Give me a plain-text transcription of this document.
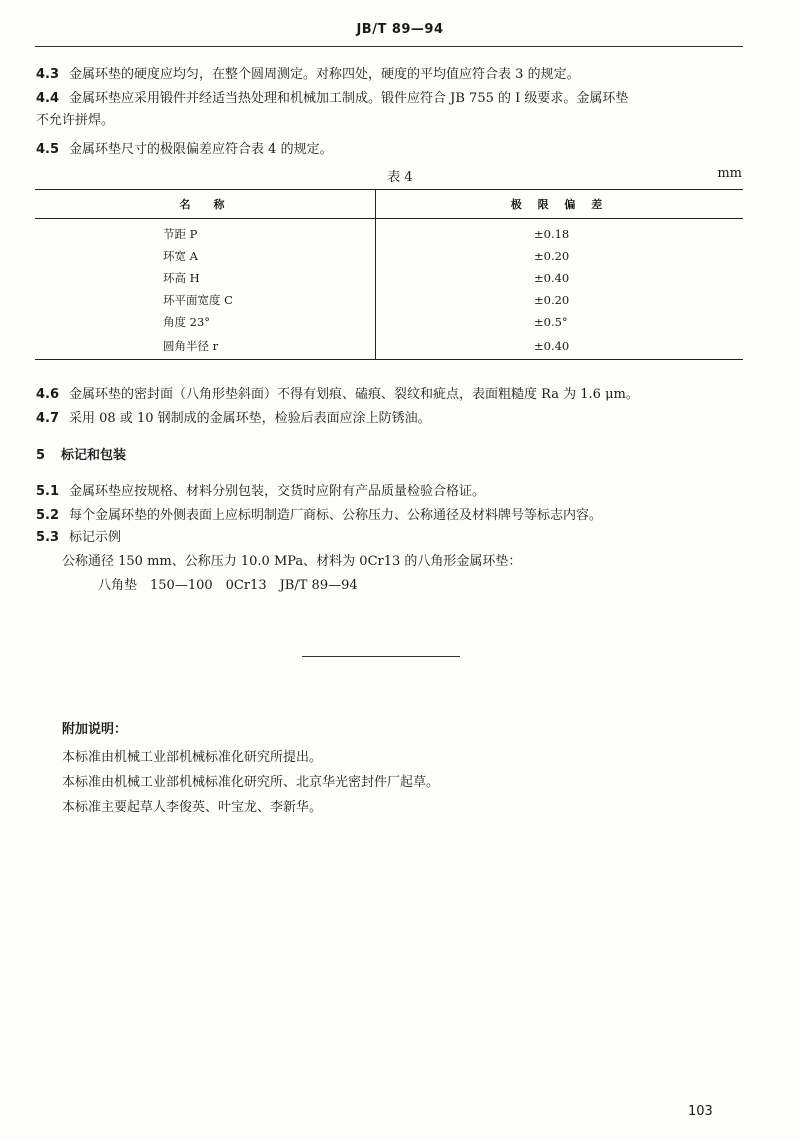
JB/T 89—94
4.3 金属环垫的硬度应均匀，在整个圆周测定。对称四处，硬度的平均值应符合表 3 的规定。
4.4 金属环垫应采用锻件并经适当热处理和机械加工制成。锻件应符合 JB 755 的 Ⅰ 级要求。金属环垫
不允许拼焊。
4.5 金属环垫尺寸的极限偏差应符合表 4 的规定。
表 4	mm
名　称	极 限 偏 差
节距 P	±0.18
环宽 A	±0.20
环高 H	±0.40
环平面宽度 C	±0.20
角度 23°	±0.5°
圆角半径 r	±0.40
4.6 金属环垫的密封面（八角形垫斜面）不得有划痕、磕痕、裂纹和疵点，表面粗糙度 Ra 为 1.6 μm。
4.7 采用 08 或 10 钢制成的金属环垫，检验后表面应涂上防锈油。
5 标记和包装
5.1 金属环垫应按规格、材料分别包装，交货时应附有产品质量检验合格证。
5.2 每个金属环垫的外侧表面上应标明制造厂商标、公称压力、公称通径及材料牌号等标志内容。
5.3 标记示例
公称通径 150 mm、公称压力 10.0 MPa、材料为 0Cr13 的八角形金属环垫：
八角垫　150—100　0Cr13　JB/T 89—94
附加说明：
本标准由机械工业部机械标准化研究所提出。
本标准由机械工业部机械标准化研究所、北京华光密封件厂起草。
本标准主要起草人李俊英、叶宝龙、李新华。
103
